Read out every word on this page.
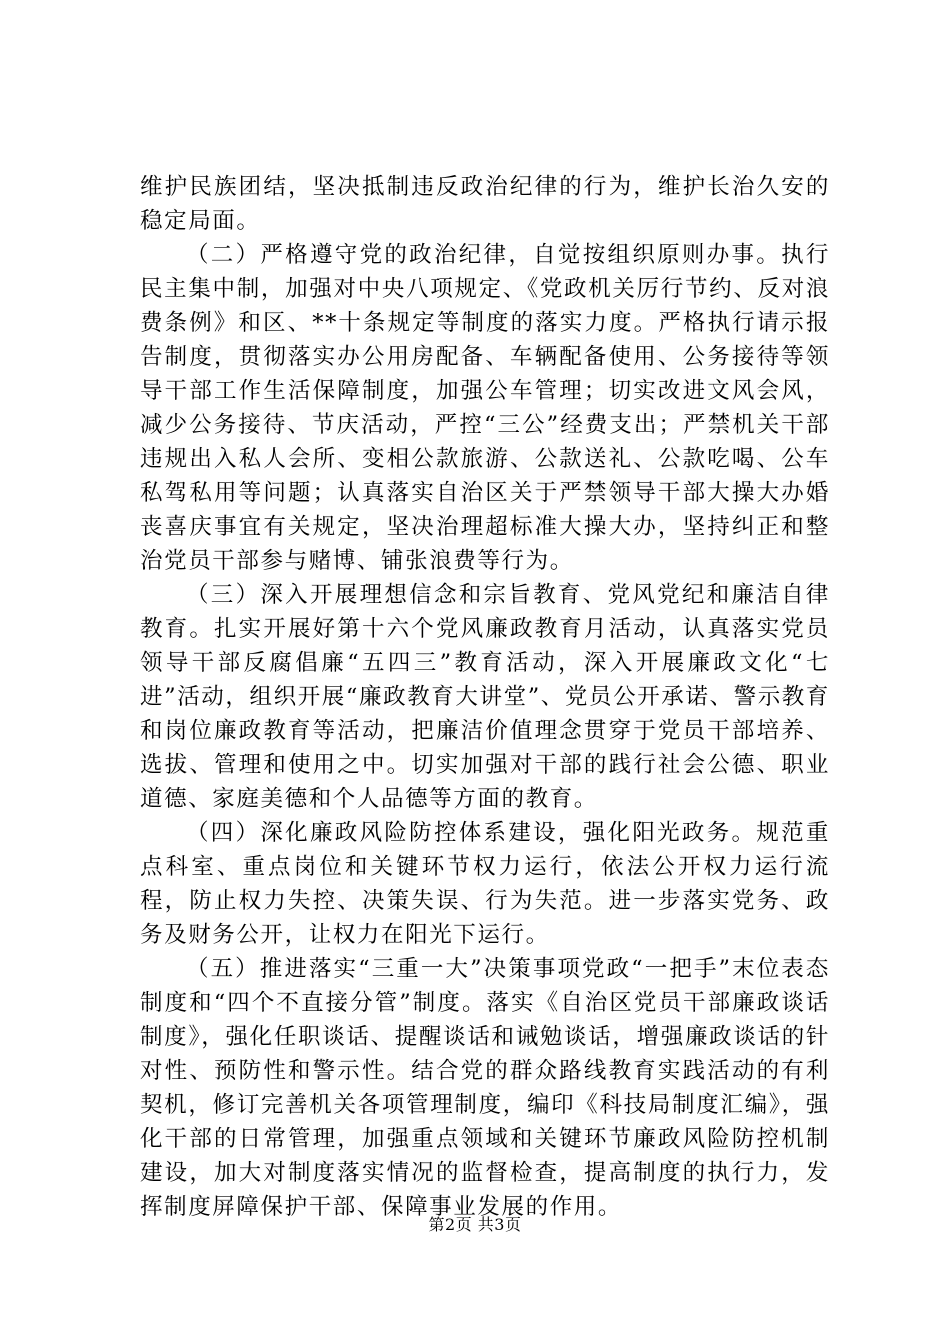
维护民族团结，坚决抵制违反政治纪律的行为，维护长治久安的稳定局面。

（二）严格遵守党的政治纪律，自觉按组织原则办事。执行民主集中制，加强对中央八项规定、《党政机关厉行节约、反对浪费条例》和区、**十条规定等制度的落实力度。严格执行请示报告制度，贯彻落实办公用房配备、车辆配备使用、公务接待等领导干部工作生活保障制度，加强公车管理；切实改进文风会风，减少公务接待、节庆活动，严控“三公”经费支出；严禁机关干部违规出入私人会所、变相公款旅游、公款送礼、公款吃喝、公车私驾私用等问题；认真落实自治区关于严禁领导干部大操大办婚丧喜庆事宜有关规定，坚决治理超标准大操大办，坚持纠正和整治党员干部参与赌博、铺张浪费等行为。

（三）深入开展理想信念和宗旨教育、党风党纪和廉洁自律教育。扎实开展好第十六个党风廉政教育月活动，认真落实党员领导干部反腐倡廉“五四三”教育活动，深入开展廉政文化“七进”活动，组织开展“廉政教育大讲堂”、党员公开承诺、警示教育和岗位廉政教育等活动，把廉洁价值理念贯穿于党员干部培养、选拔、管理和使用之中。切实加强对干部的践行社会公德、职业道德、家庭美德和个人品德等方面的教育。

（四）深化廉政风险防控体系建设，强化阳光政务。规范重点科室、重点岗位和关键环节权力运行，依法公开权力运行流程，防止权力失控、决策失误、行为失范。进一步落实党务、政务及财务公开，让权力在阳光下运行。

（五）推进落实“三重一大”决策事项党政“一把手”末位表态制度和“四个不直接分管”制度。落实《自治区党员干部廉政谈话制度》，强化任职谈话、提醒谈话和诫勉谈话，增强廉政谈话的针对性、预防性和警示性。结合党的群众路线教育实践活动的有利契机，修订完善机关各项管理制度，编印《科技局制度汇编》，强化干部的日常管理，加强重点领域和关键环节廉政风险防控机制建设，加大对制度落实情况的监督检查，提高制度的执行力，发挥制度屏障保护干部、保障事业发展的作用。

第2页 共3页
